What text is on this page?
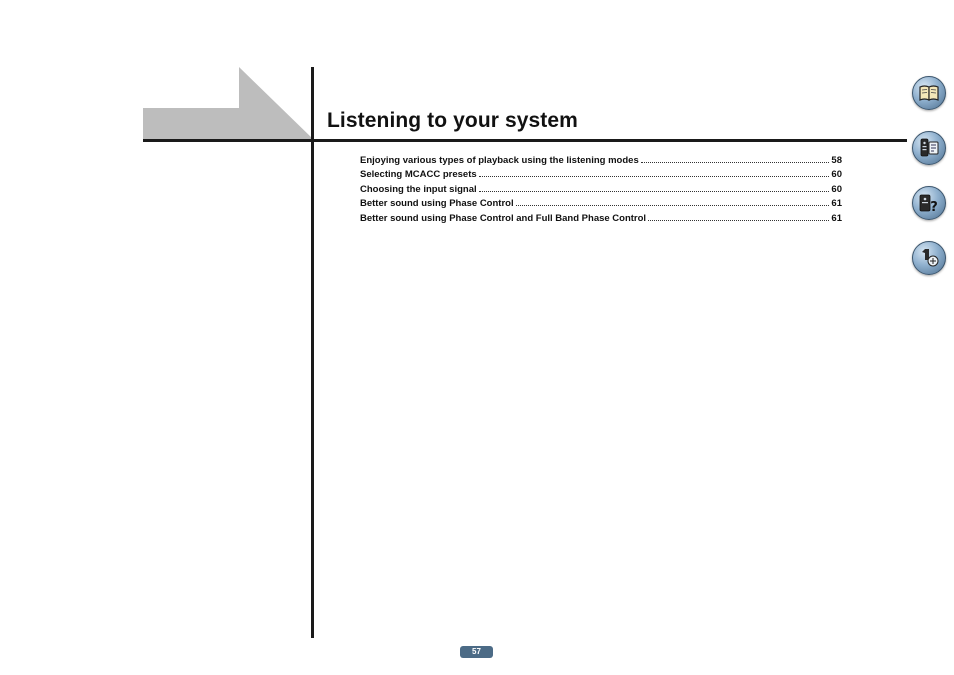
Listening to your system
Enjoying various types of playback using the listening modes	58
Selecting MCACC presets	60
Choosing the input signal	60
Better sound using Phase Control	61
Better sound using Phase Control and Full Band Phase Control	61
?
57
